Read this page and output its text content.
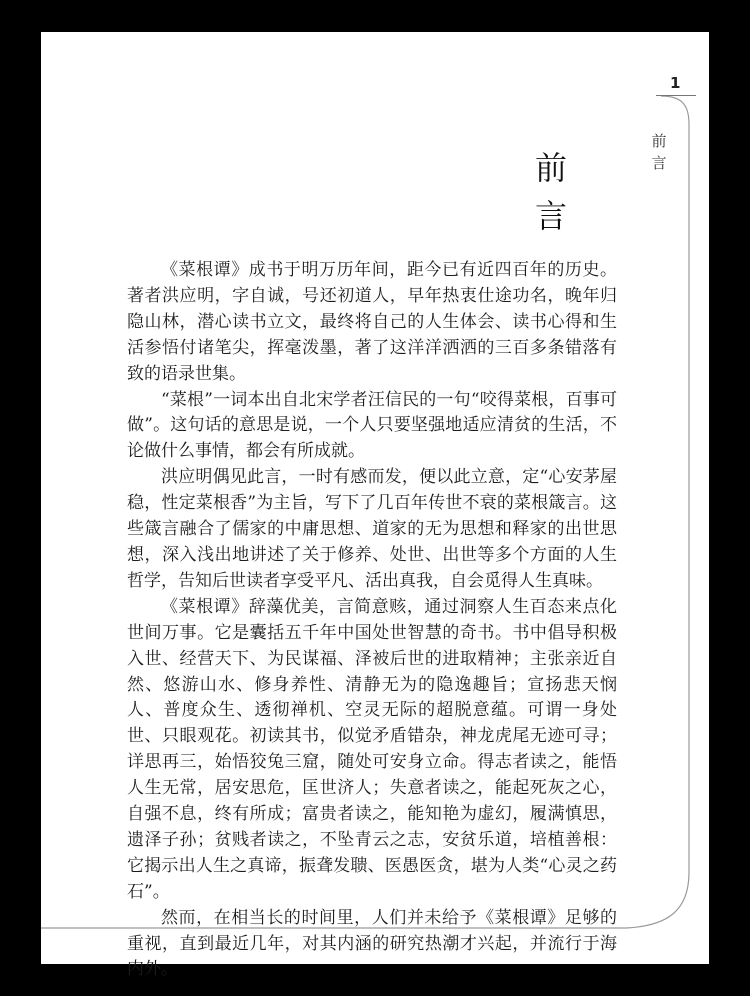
1
前言
前言

《菜根谭》成书于明万历年间，距今已有近四百年的历史。著者洪应明，字自诚，号还初道人，早年热衷仕途功名，晚年归隐山林，潜心读书立文，最终将自己的人生体会、读书心得和生活参悟付诸笔尖，挥毫泼墨，著了这洋洋洒洒的三百多条错落有致的语录世集。

“菜根”一词本出自北宋学者汪信民的一句“咬得菜根，百事可做”。这句话的意思是说，一个人只要坚强地适应清贫的生活，不论做什么事情，都会有所成就。

洪应明偶见此言，一时有感而发，便以此立意，定“心安茅屋稳，性定菜根香”为主旨，写下了几百年传世不衰的菜根箴言。这些箴言融合了儒家的中庸思想、道家的无为思想和释家的出世思想，深入浅出地讲述了关于修养、处世、出世等多个方面的人生哲学，告知后世读者享受平凡、活出真我，自会觅得人生真味。

《菜根谭》辞藻优美，言简意赅，通过洞察人生百态来点化世间万事。它是囊括五千年中国处世智慧的奇书。书中倡导积极入世、经营天下、为民谋福、泽被后世的进取精神；主张亲近自然、悠游山水、修身养性、清静无为的隐逸趣旨；宣扬悲天悯人、普度众生、透彻禅机、空灵无际的超脱意蕴。可谓一身处世、只眼观花。初读其书，似觉矛盾错杂，神龙虎尾无迹可寻；详思再三，始悟狡兔三窟，随处可安身立命。得志者读之，能悟人生无常，居安思危，匡世济人；失意者读之，能起死灰之心，自强不息，终有所成；富贵者读之，能知艳为虚幻，履满慎思，遗泽子孙；贫贱者读之，不坠青云之志，安贫乐道，培植善根：它揭示出人生之真谛，振聋发聩、医愚医贪，堪为人类“心灵之药石”。

然而，在相当长的时间里，人们并未给予《菜根谭》足够的重视，直到最近几年，对其内涵的研究热潮才兴起，并流行于海内外。
